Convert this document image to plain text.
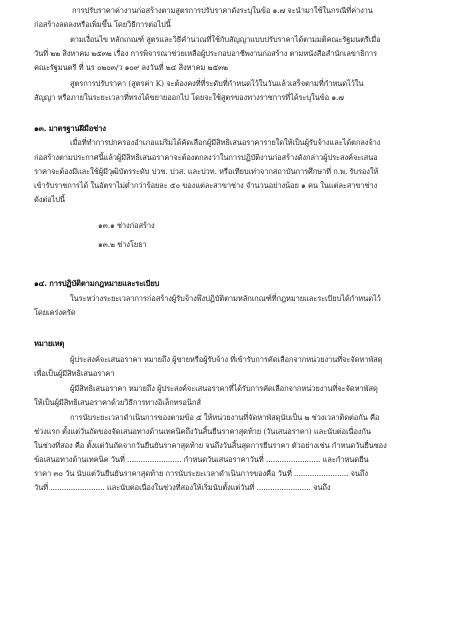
การปรับราคาค่างานก่อสร้างตามสูตรการปรับราคาดังระบุในข้อ ๑.๗ จะนำมาใช้ในกรณีที่ค่างาน
ก่อสร้างลดลงหรือเพิ่มขึ้น โดยวิธีการต่อไปนี้
ตามเงื่อนไข หลักเกณฑ์ สูตรและวิธีคำนวณที่ใช้กับสัญญาแบบปรับราคาได้ตามมติคณะรัฐมนตรีเมื่อ
วันที่ ๒๒ สิงหาคม ๒๕๓๒ เรื่อง การพิจารณาช่วยเหลือผู้ประกอบอาชีพงานก่อสร้าง ตามหนังสือสำนักเลขาธิการ
คณะรัฐมนตรี ที่ นร ๐๒๐๓/ว ๑๐๙ ลงวันที่ ๒๔ สิงหาคม ๒๕๓๒
สูตรการปรับราคา (สูตรค่า K) จะต้องคงที่ที่ระดับที่กำหนดไว้ในวันแล้วเสร็จตามที่กำหนดไว้ใน
สัญญา หรือภายในระยะเวลาที่ทรงได้ขยายออกไป โดยจะใช้สูตรของทางราชการที่ได้ระบุในข้อ ๑.๗
๑๓. มาตรฐานฝีมือช่าง
เมื่อที่ทำการปกครองอำเภอแม่ริมได้คัดเลือกผู้มีสิทธิเสนอราคารายใดให้เป็นผู้รับจ้างและได้ตกลงจ้าง
ก่อสร้างตามประกาศนี้แล้วผู้มีสิทธิเสนอราคาจะต้องตกลงว่าในการปฏิบัติงานก่อสร้างดังกล่าวผู้ประสงค์จะเสนอ
ราคาจะต้องมีและใช้ผู้มีวุฒิบัตรระดับ ปวช. ปวส. และปวท. หรือเทียบเท่าจากสถาบันการศึกษาที่ ก.พ. รับรองให้
เข้ารับราชการได้ ในอัตราไม่ต่ำกว่าร้อยละ ๕๐ ของแต่ละสาขาช่าง จำนวนอย่างน้อย ๑ คน ในแต่ละสาขาช่าง
ดังต่อไปนี้
๑๓.๑ ช่างก่อสร้าง
๑๓.๒ ช่างโยธา
๑๔. การปฏิบัติตามกฎหมายและระเบียบ
ในระหว่างระยะเวลาการก่อสร้างผู้รับจ้างพึงปฏิบัติตามหลักเกณฑ์ที่กฎหมายและระเบียบได้กำหนดไว้
โดยเคร่งครัด
หมายเหตุ
ผู้ประสงค์จะเสนอราคา หมายถึง ผู้ขายหรือผู้รับจ้าง ที่เข้ารับการคัดเลือกจากหน่วยงานที่จะจัดหาพัสดุ
เพื่อเป็นผู้มีสิทธิเสนอราคา
ผู้มีสิทธิเสนอราคา หมายถึง ผู้ประสงค์จะเสนอราคาที่ได้รับการคัดเลือกจากหน่วยงานที่จะจัดหาพัสดุ
ให้เป็นผู้มีสิทธิเสนอราคาด้วยวิธีการทางอิเล็กทรอนิกส์
การนับระยะเวลาดำเนินการของตามข้อ ๕ ให้หน่วยงานที่จัดหาพัสดุนับเป็น ๒ ช่วงเวลาติดต่อกัน คือ
ช่วงแรก ตั้งแต่วันถัดของจัดเสนอทางด้านเทคนิคถึงวันสิ้นยืนราคาสุดท้าย (วันเสนอราคา) และนับต่อเนื่องกัน
ในช่วงที่สอง คือ ตั้งแต่วันถัดจากวันยืนยันราคาสุดท้าย จนถึงวันสิ้นสุดการยืนราคา ตัวอย่างเช่น กำหนดวันยื่นซอง
ข้อเสนอทางด้านเทคนิค วันที่ ........................ กำหนดวันเสนอราคาวันที่ ........................ และกำหนดยืน
ราคา ๓๐ วัน นับแต่วันยืนยันราคาสุดท้าย การนับระยะเวลาดำเนินการของคือ วันที่ ........................ จนถึง
วันที่ ........................ และนับต่อเนื่องในช่วงที่สองให้เริ่มนับตั้งแต่วันที่ ........................ จนถึง
